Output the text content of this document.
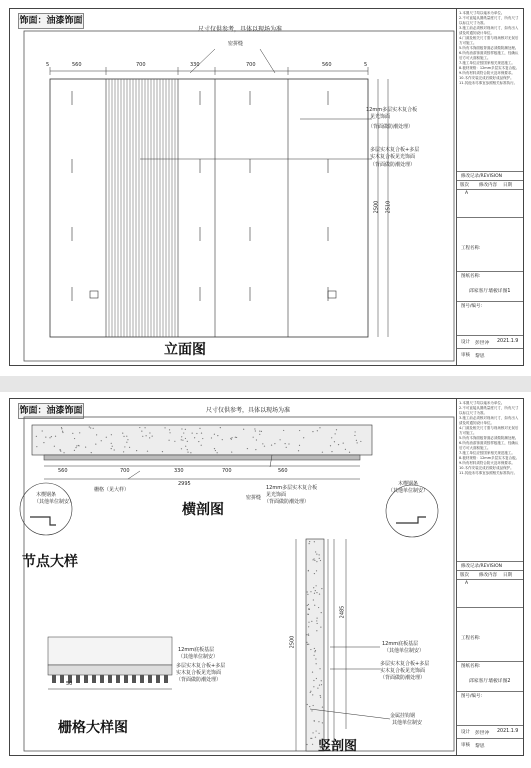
饰面：油漆饰面
尺寸仅供参考，具体以现场为准
5	560	700	330	700	560	5
2500 2510
密拼缝
12mm多层实木复合板
见光饰面
（背面做防潮处理）
多层实木复合板+多层
实木复合板见光饰面
（背面做防潮处理）
立面图
1.本图尺寸均以毫米为单位。
2.不可直接从图纸量度尺寸，所有尺寸以标注尺寸为准。
3.施工前必须核对现场尺寸，如有出入请及时通知设计单位。
4.门洞及相关尺寸需与现场核对无误后方可施工。
5.所有木饰面板背面必须做防潮处理。
6.所有油漆饰面须按样板施工，经确认后方可大面积施工。
7.施工单位应按国家相关规范施工。
8.板材规格：12mm多层实木复合板。
9.所有材料须符合防火及环保要求。
10.木作安装完成后做好成品保护。
11.其他未尽事宜参照相关标准执行。
修改记录/REVISION
版次 修改内容 日期
A
工程名称:
图纸名称:
邱家客厅墙板详图1
图号/编号:
设计 彭世冲 2021.1.9
审核 黎思
饰面：油漆饰面	尺寸仅供参考，具体以现场为准
560	700	330	700	560
2995
木楔钢条
（其他单位制安）
栅格（见大样）
密拼缝
12mm多层实木复合板
见光饰面
（背面做防潮处理）
木楔钢条
（其他单位制安）
横剖图
节点大样
12mm底板基层
（其他单位制安）
多层实木复合板+多层
实木复合板见光饰面
（背面做防潮处理）
50
栅格大样图
2500
2485
12mm底板基层
（其他单位制安）
多层实木复合板+多层
实木复合板见光饰面
（背面做防潮处理）
金属挂钩钢
其他单位制安
竖剖图
1.本图尺寸均以毫米为单位。
2.不可直接从图纸量度尺寸，所有尺寸以标注尺寸为准。
3.施工前必须核对现场尺寸，如有出入请及时通知设计单位。
4.门洞及相关尺寸需与现场核对无误后方可施工。
5.所有木饰面板背面必须做防潮处理。
6.所有油漆饰面须按样板施工，经确认后方可大面积施工。
7.施工单位应按国家相关规范施工。
8.板材规格：12mm多层实木复合板。
9.所有材料须符合防火及环保要求。
10.木作安装完成后做好成品保护。
11.其他未尽事宜参照相关标准执行。
修改记录/REVISION
版次 修改内容 日期
A
工程名称:
图纸名称:
邱家客厅墙板详图2
图号/编号:
设计 彭世冲 2021.1.9
审核 黎思
